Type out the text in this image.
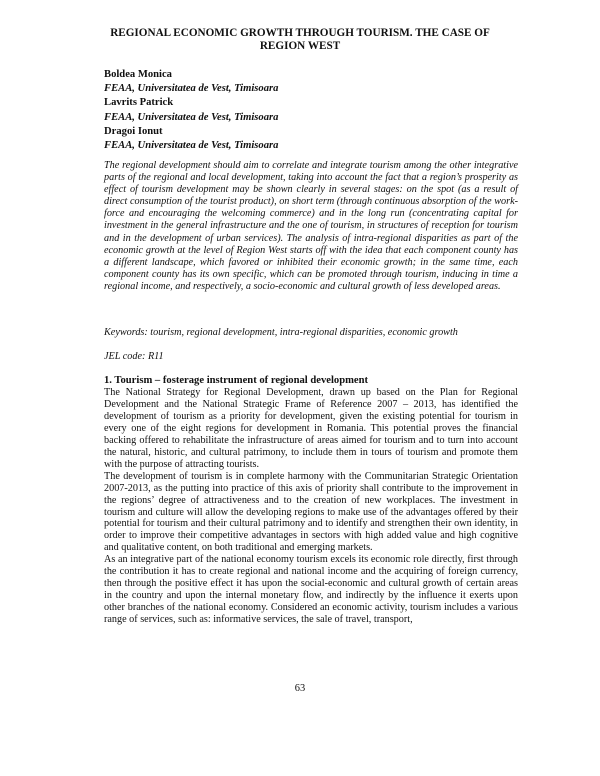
REGIONAL ECONOMIC GROWTH THROUGH TOURISM. THE CASE OF REGION WEST
Boldea Monica
FEAA, Universitatea de Vest, Timisoara
Lavrits Patrick
FEAA, Universitatea de Vest, Timisoara
Dragoi Ionut
FEAA, Universitatea de Vest, Timisoara
The regional development should aim to correlate and integrate tourism among the other integrative parts of the regional and local development, taking into account the fact that a region’s prosperity as effect of tourism development may be shown clearly in several stages: on the spot (as a result of direct consumption of the tourist product), on short term (through continuous absorption of the work-force and encouraging the welcoming commerce) and in the long run (concentrating capital for investment in the general infrastructure and the one of tourism, in structures of reception for tourism and in the development of urban services). The analysis of intra-regional disparities as part of the economic growth at the level of Region West starts off with the idea that each component county has a different landscape, which favored or inhibited their economic growth; in the same time, each component county has its own specific, which can be promoted through tourism, inducing in time a regional income, and respectively, a socio-economic and cultural growth of less developed areas.
Keywords: tourism, regional development, intra-regional disparities, economic growth
JEL code: R11
1. Tourism – fosterage instrument of regional development

The National Strategy for Regional Development, drawn up based on the Plan for Regional Development and the National Strategic Frame of Reference 2007 – 2013, has identified the development of tourism as a priority for development, given the existing potential for tourism in every one of the eight regions for development in Romania. This potential proves the financial backing offered to rehabilitate the infrastructure of areas aimed for tourism and to turn into account the natural, historic, and cultural patrimony, to include them in tours of tourism and promote them with the purpose of attracting tourists.

The development of tourism is in complete harmony with the Communitarian Strategic Orientation 2007-2013, as the putting into practice of this axis of priority shall contribute to the improvement in the regions’ degree of attractiveness and to the creation of new workplaces. The investment in tourism and culture will allow the developing regions to make use of the advantages offered by their potential for tourism and their cultural patrimony and to identify and strengthen their own identity, in order to improve their competitive advantages in sectors with high added value and high cognitive and qualitative content, on both traditional and emerging markets.

As an integrative part of the national economy tourism excels its economic role directly, first through the contribution it has to create regional and national income and the acquiring of foreign currency, then through the positive effect it has upon the social-economic and cultural growth of certain areas in the country and upon the internal monetary flow, and indirectly by the influence it exerts upon other branches of the national economy. Considered an economic activity, tourism includes a various range of services, such as: informative services, the sale of travel, transport,

63
